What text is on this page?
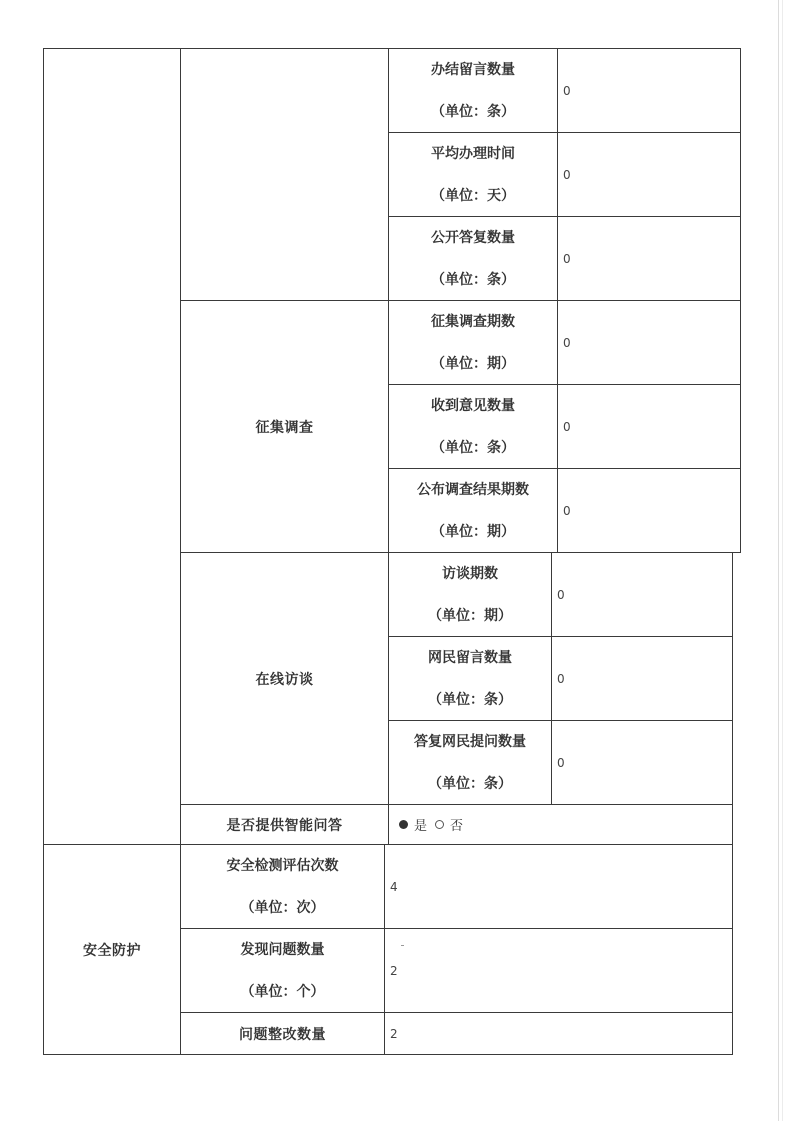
办结留言数量
（单位：条）
0
平均办理时间
（单位：天）
0
公开答复数量
（单位：条）
0
征集调查
征集调查期数
（单位：期）
0
收到意见数量
（单位：条）
0
公布调查结果期数
（单位：期）
0
在线访谈
访谈期数
（单位：期）
0
网民留言数量
（单位：条）
0
答复网民提问数量
（单位：条）
0
是否提供智能问答	是 否
安全防护
安全检测评估次数
（单位：次）
4
发现问题数量
（单位：个）
2
问题整改数量	2
